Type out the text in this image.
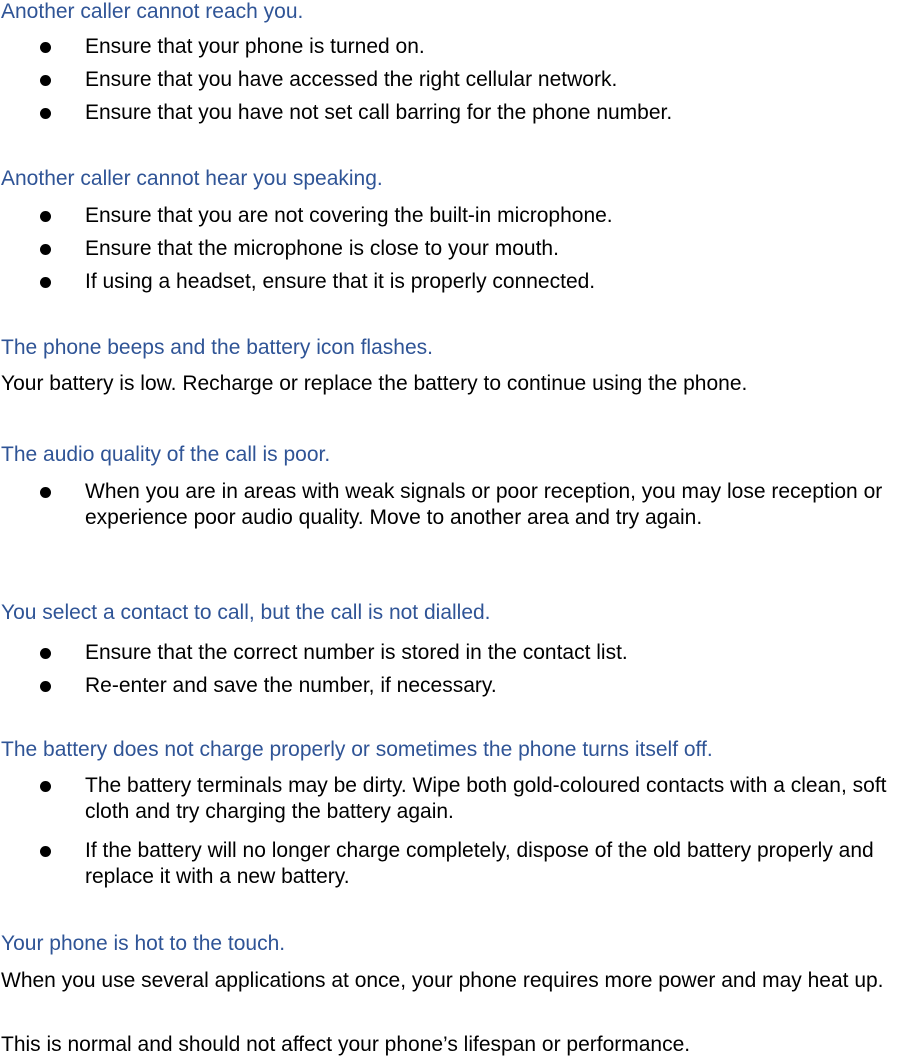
Another caller cannot reach you.
Ensure that your phone is turned on.
Ensure that you have accessed the right cellular network.
Ensure that you have not set call barring for the phone number.
Another caller cannot hear you speaking.
Ensure that you are not covering the built-in microphone.
Ensure that the microphone is close to your mouth.
If using a headset, ensure that it is properly connected.
The phone beeps and the battery icon flashes.
Your battery is low. Recharge or replace the battery to continue using the phone.
The audio quality of the call is poor.
When you are in areas with weak signals or poor reception, you may lose reception or experience poor audio quality. Move to another area and try again.
You select a contact to call, but the call is not dialled.
Ensure that the correct number is stored in the contact list.
Re-enter and save the number, if necessary.
The battery does not charge properly or sometimes the phone turns itself off.
The battery terminals may be dirty. Wipe both gold-coloured contacts with a clean, soft cloth and try charging the battery again.
If the battery will no longer charge completely, dispose of the old battery properly and replace it with a new battery.
Your phone is hot to the touch.
When you use several applications at once, your phone requires more power and may heat up.
This is normal and should not affect your phone’s lifespan or performance.
